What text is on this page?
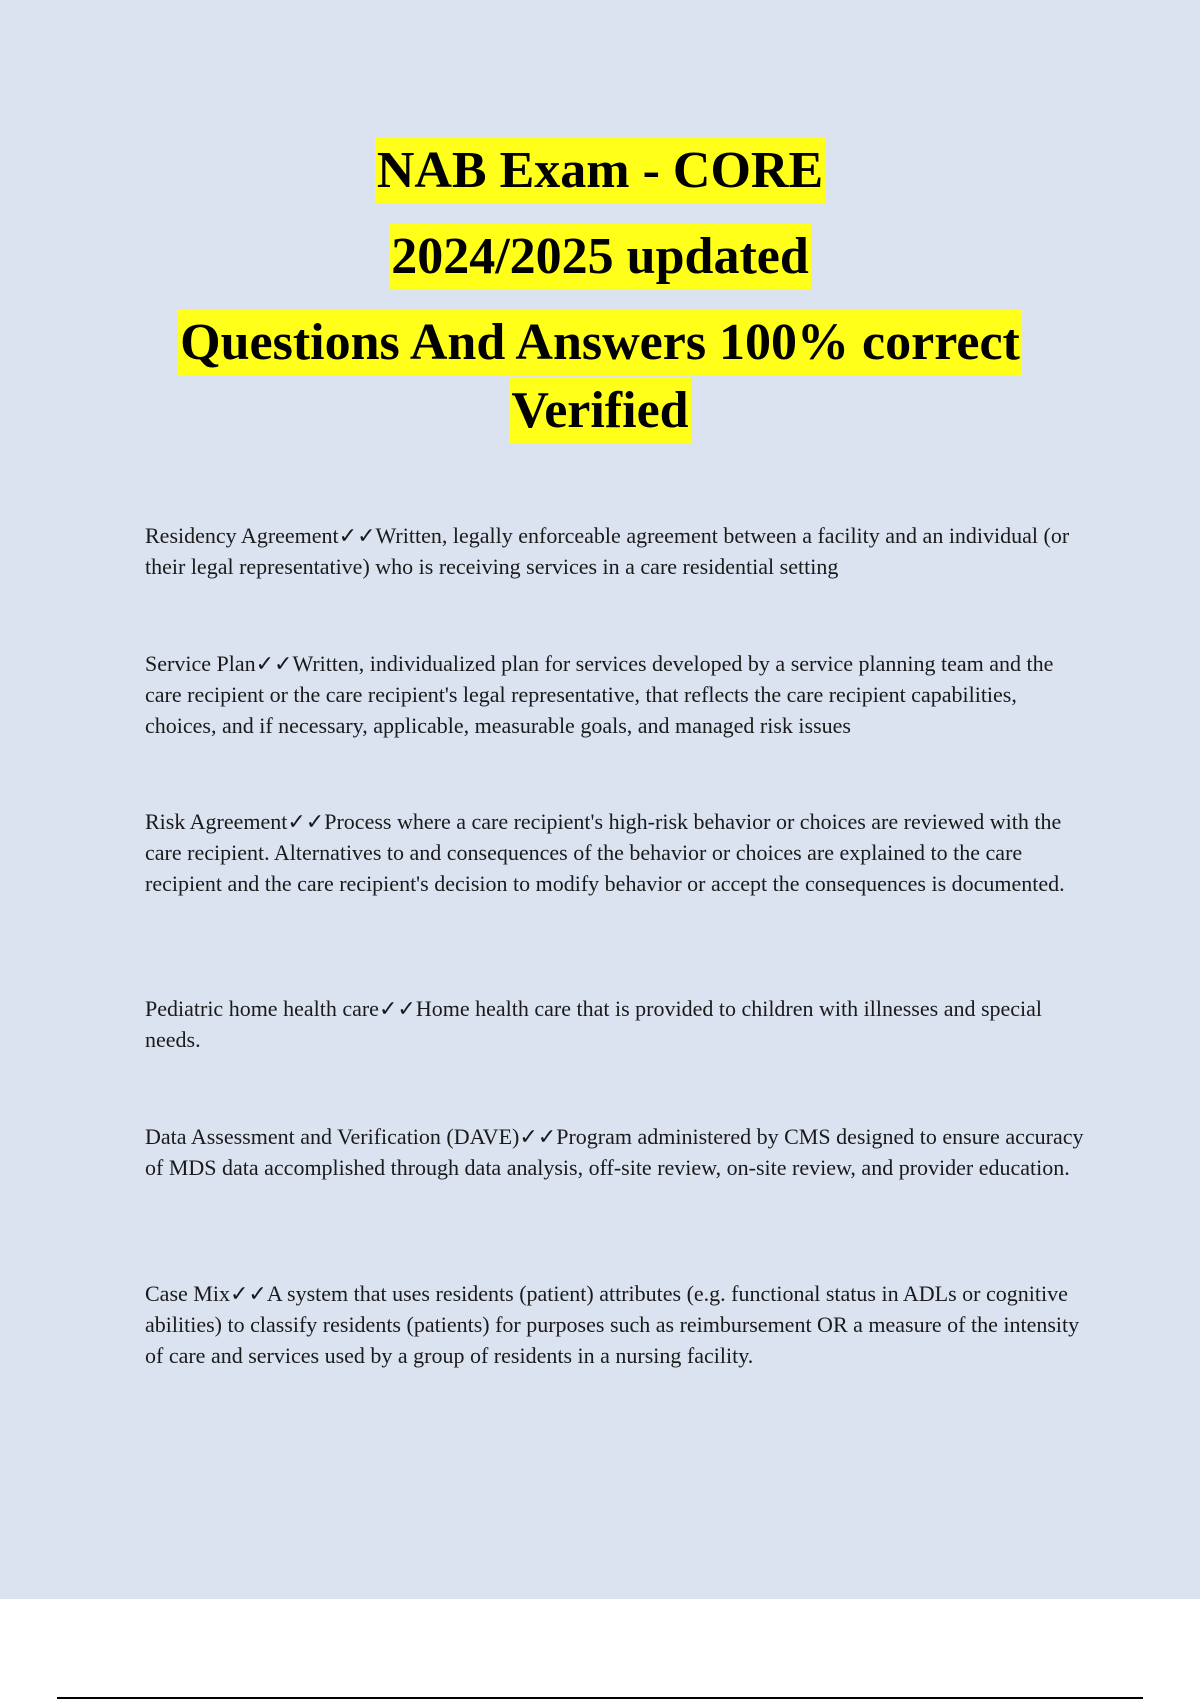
NAB Exam - CORE
2024/2025 updated
Questions And Answers 100% correct
Verified

Residency Agreement✓✓Written, legally enforceable agreement between a facility and an individual (or their legal representative) who is receiving services in a care residential setting

Service Plan✓✓Written, individualized plan for services developed by a service planning team and the care recipient or the care recipient's legal representative, that reflects the care recipient capabilities, choices, and if necessary, applicable, measurable goals, and managed risk issues

Risk Agreement✓✓Process where a care recipient's high-risk behavior or choices are reviewed with the care recipient. Alternatives to and consequences of the behavior or choices are explained to the care recipient and the care recipient's decision to modify behavior or accept the consequences is documented.

Pediatric home health care✓✓Home health care that is provided to children with illnesses and special needs.

Data Assessment and Verification (DAVE)✓✓Program administered by CMS designed to ensure accuracy of MDS data accomplished through data analysis, off-site review, on-site review, and provider education.

Case Mix✓✓A system that uses residents (patient) attributes (e.g. functional status in ADLs or cognitive abilities) to classify residents (patients) for purposes such as reimbursement OR a measure of the intensity of care and services used by a group of residents in a nursing facility.
